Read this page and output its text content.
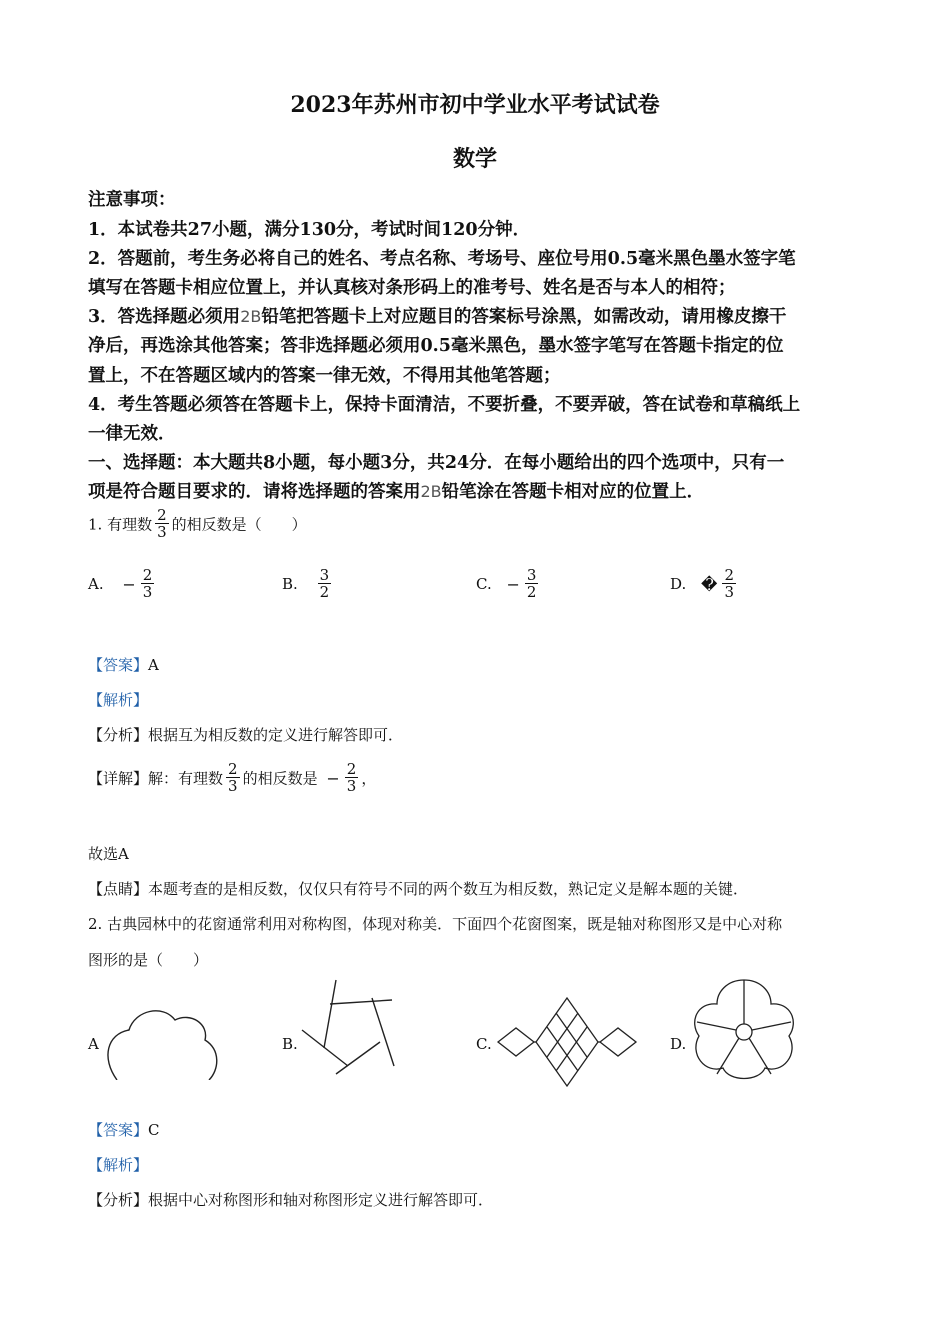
2023年苏州市初中学业水平考试试卷
数学
注意事项：
1．本试卷共27小题，满分130分，考试时间120分钟．
2．答题前，考生务必将自己的姓名、考点名称、考场号、座位号用0.5毫米黑色墨水签字笔
填写在答题卡相应位置上，并认真核对条形码上的准考号、姓名是否与本人的相符；
3．答选择题必须用2B铅笔把答题卡上对应题目的答案标号涂黑，如需改动，请用橡皮擦干
净后，再选涂其他答案；答非选择题必须用0.5毫米黑色，墨水签字笔写在答题卡指定的位
置上，不在答题区域内的答案一律无效，不得用其他笔答题；
4．考生答题必须答在答题卡上，保持卡面清洁，不要折叠，不要弄破，答在试卷和草稿纸上
一律无效．
一、选择题：本大题共8小题，每小题3分，共24分．在每小题给出的四个选项中，只有一
项是符合题目要求的．请将选择题的答案用2B铅笔涂在答题卡相对应的位置上．
1. 有理数 $\frac{2}{3}$ 的相反数是（　　）
A. − $\frac{2}{3}$	B. $\frac{3}{2}$	C. − $\frac{3}{2}$	D. � $\frac{2}{3}$
【答案】A
【解析】
【分析】根据互为相反数的定义进行解答即可．
【详解】解：有理数 $\frac{2}{3}$ 的相反数是 − $\frac{2}{3}$ ，
故选A
【点睛】本题考查的是相反数，仅仅只有符号不同的两个数互为相反数，熟记定义是解本题的关键．
2. 古典园林中的花窗通常利用对称构图，体现对称美．下面四个花窗图案，既是轴对称图形又是中心对称
图形的是（　　）
A	B.	C.	D.
【答案】C
【解析】
【分析】根据中心对称图形和轴对称图形定义进行解答即可．
